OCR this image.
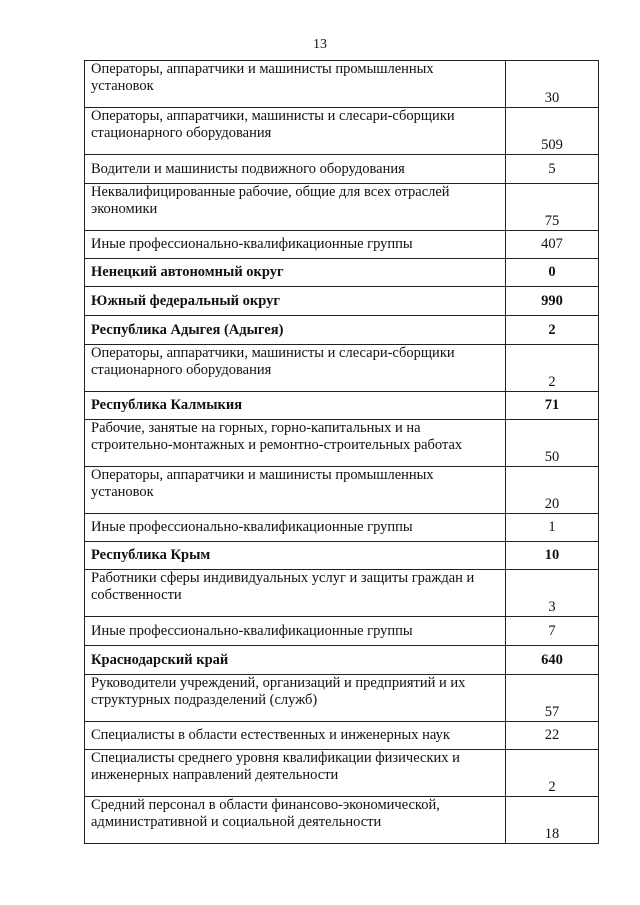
13
Операторы, аппаратчики и машинисты промышленных установок	30
Операторы, аппаратчики, машинисты и слесари-сборщики стационарного оборудования	509
Водители и машинисты подвижного оборудования	5
Неквалифицированные рабочие, общие для всех отраслей экономики	75
Иные профессионально-квалификационные группы	407
Ненецкий автономный округ	0
Южный федеральный округ	990
Республика Адыгея (Адыгея)	2
Операторы, аппаратчики, машинисты и слесари-сборщики стационарного оборудования	2
Республика Калмыкия	71
Рабочие, занятые на горных, горно-капитальных и на строительно-монтажных и ремонтно-строительных работах	50
Операторы, аппаратчики и машинисты промышленных установок	20
Иные профессионально-квалификационные группы	1
Республика Крым	10
Работники сферы индивидуальных услуг и защиты граждан и собственности	3
Иные профессионально-квалификационные группы	7
Краснодарский край	640
Руководители учреждений, организаций и предприятий и их структурных подразделений (служб)	57
Специалисты в области естественных и инженерных наук	22
Специалисты среднего уровня квалификации физических и инженерных направлений деятельности	2
Средний персонал в области финансово-экономической, административной и социальной деятельности	18
